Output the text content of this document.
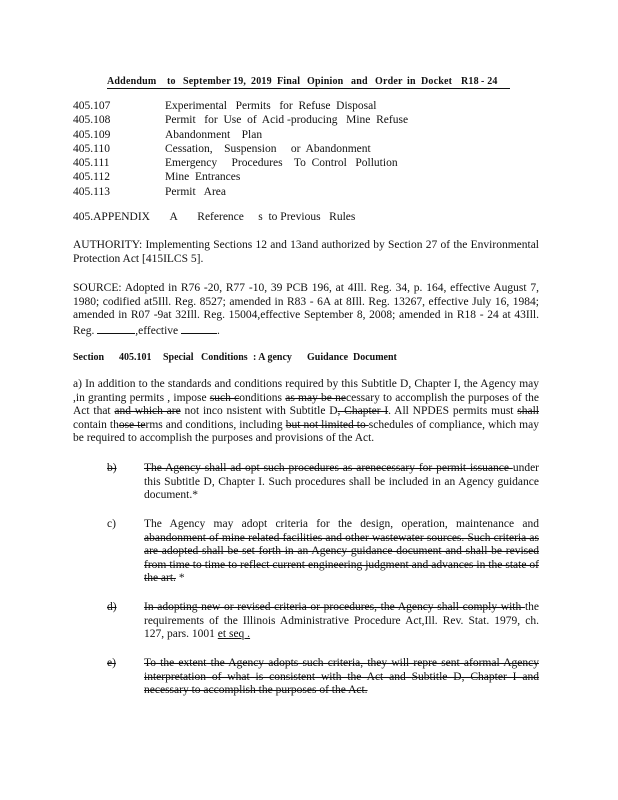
Addendum to September 19, 2019 Final Opinion and Order in Docket R18 - 24
405.107	Experimental   Permits   for  Refuse  Disposal
405.108	Permit   for  Use  of  Acid -producing   Mine  Refuse
405.109	Abandonment    Plan
405.110	Cessation,    Suspension     or  Abandonment
405.111	Emergency     Procedures    To  Control   Pollution
405.112	Mine  Entrances
405.113	Permit   Area
405.APPENDIX       A       Reference     s  to Previous   Rules
AUTHORITY: Implementing Sections 12 and 13and authorized by Section 27 of the Environmental Protection Act [415ILCS 5].
SOURCE: Adopted in R76 -20, R77 -10, 39 PCB 196, at 4Ill. Reg. 34, p. 164, effective August 7, 1980; codified at5Ill. Reg. 8527; amended in R83 - 6A at 8Ill. Reg. 13267, effective July 16, 1984; amended in R07 -9at 32Ill. Reg. 15004,effective September 8, 2008; amended in R18 - 24 at 43Ill. Reg.	,effective	.
Section 405.101 Special Conditions : A gency Guidance Document
a) In addition to the standards and conditions required by this Subtitle D, Chapter I, the Agency may ,in granting permits , impose such conditions as may be necessary to accomplish the purposes of the Act that and which are not inco nsistent with Subtitle D, Chapter I. All NPDES permits must shall contain those terms and conditions, including but not limited to schedules of compliance, which may be required to accomplish the purposes and provisions of the Act.
b) The Agency shall ad opt such procedures as arenecessary for permit issuance under this Subtitle D, Chapter I. Such procedures shall be included in an Agency guidance document.*
c) The Agency may adopt criteria for the design, operation, maintenance and abandonment of mine related facilities and other wastewater sources. Such criteria as are adopted shall be set forth in an Agency guidance document and shall be revised from time to time to reflect current engineering judgment and advances in the state of the art. *
d) In adopting new or revised criteria or procedures, the Agency shall comply with the requirements of the Illinois Administrative Procedure Act,Ill. Rev. Stat. 1979, ch. 127, pars. 1001 et seq .
e) To the extent the Agency adopts such criteria, they will repre sent aformal Agency interpretation of what is consistent with the Act and Subtitle D, Chapter I and necessary to accomplish the purposes of the Act.
